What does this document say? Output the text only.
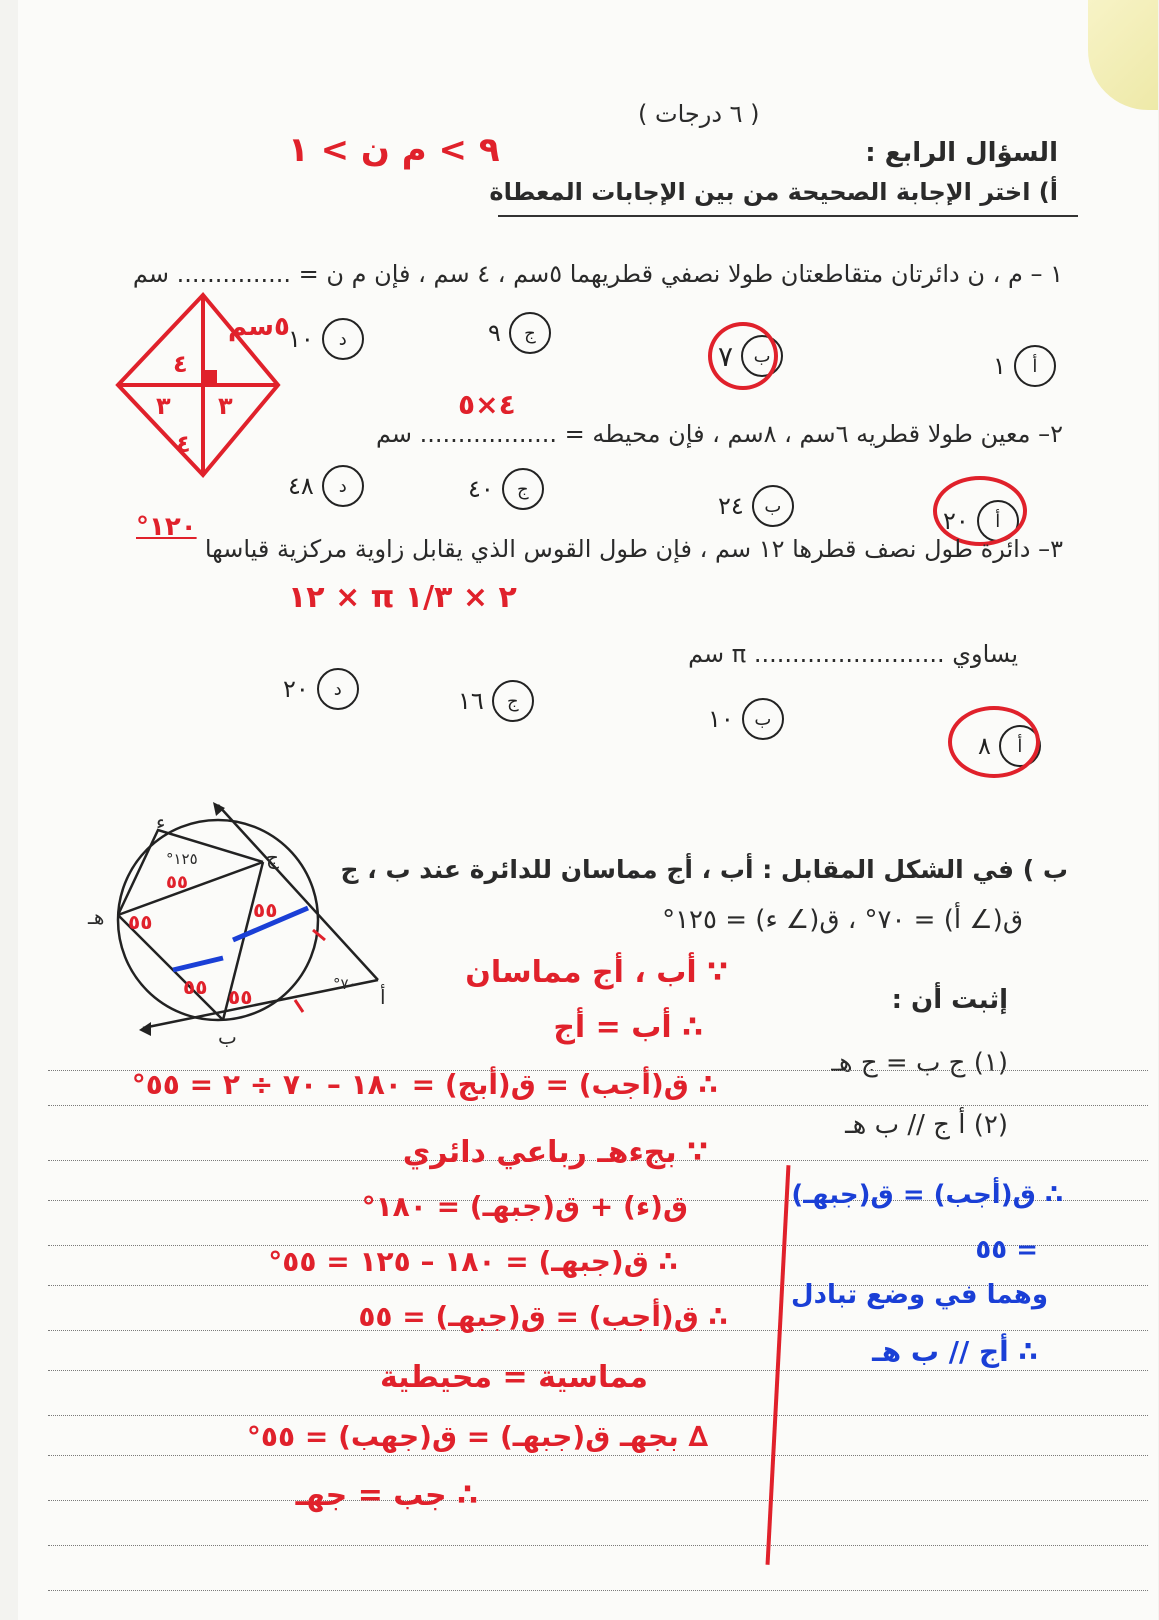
السؤال الرابع :
( ٦ درجات )
أ) اختر الإجابة الصحيحة من بين الإجابات المعطاة
٩ > م ن > ١
١ – م ، ن دائرتان متقاطعتان طولا نصفي قطريهما ٥سم ، ٤ سم ، فإن م ن = ............... سم
أ
١
ب
٧
ج
٩
د
١٠
٥سم
٤
٣ ٣
٤	٢– معين طولا قطريه ٦سم ، ٨سم ، فإن محيطه = .................. سم
٤×٥
أ
٢٠
ب
٢٤
ج
٤٠
د
٤٨
١٢٠°
٣– دائرة طول نصف قطرها ١٢ سم ، فإن طول القوس الذي يقابل زاوية مركزية قياسها
١٢ × π ٢ × ١/٣
يساوي ......................... π سم
أ
٨
ب
١٠
ج
١٦
د
٢٠
ب ) في الشكل المقابل : أب ، أج مماسان للدائرة عند ب ، ج
ق(∠ أ) = ٧٠° ، ق(∠ ء) = ١٢٥°
إثبت أن :
(١) ج ب = ج هـ
(٢) أ ج // ب هـ
ء
ج
هـ
ب
أ
١٢٥°
٧٠°
٥٥	٥٥
٥٥ ٥٥
٥٥
∵ أب ، أج مماسان
∴ أب = أج
∴ ق(أجب) = ق(أبج) = ١٨٠ – ٧٠ ÷ ٢ = ٥٥°
∵ بجءهـ رباعي دائري
ق(ء) + ق(جبهـ) = ١٨٠°
∴ ق(جبهـ) = ١٨٠ – ١٢٥ = ٥٥°
∴ ق(أجب) = ق(جبهـ) = ٥٥
مماسية = محيطية
∆ بجهـ ق(جبهـ) = ق(جهب) = ٥٥°
∴ جب = جهـ
∴ ق(أجب) = ق(جبهـ)
= ٥٥
وهما في وضع تبادل
∴ أج // ب هـ
